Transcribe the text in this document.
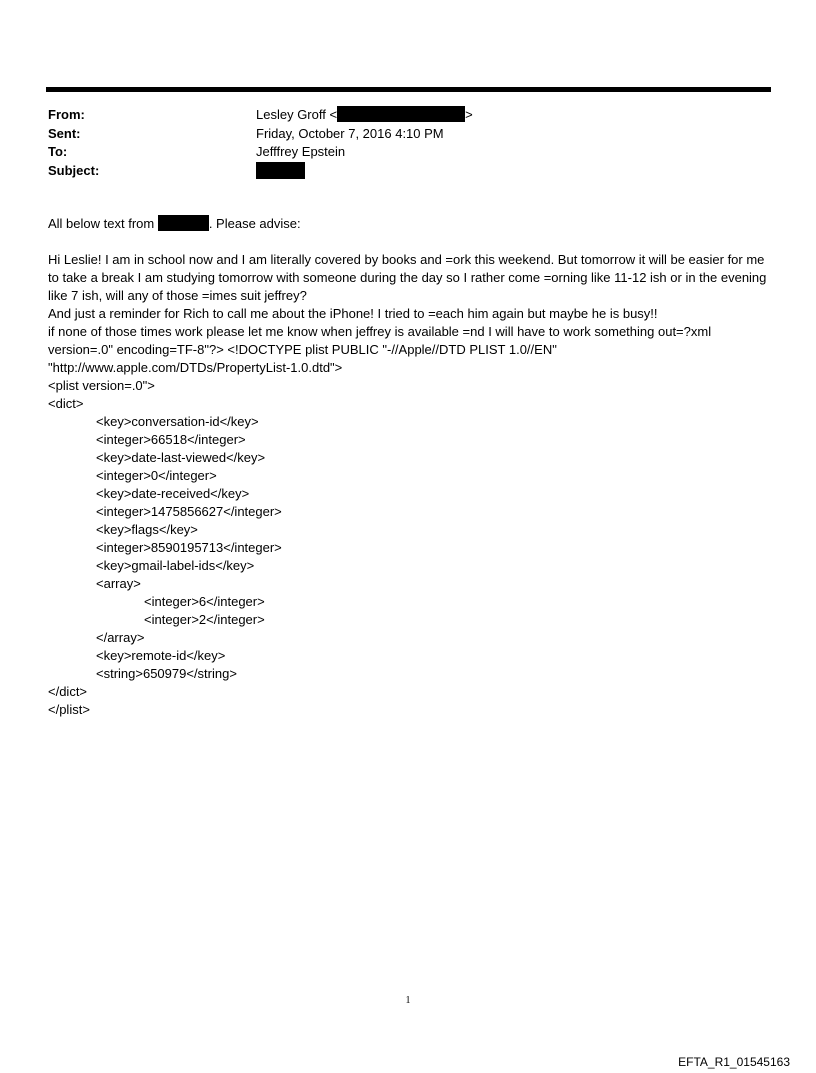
From:	Lesley Groff <	>
Sent:	Friday, October 7, 2016 4:10 PM
To:	Jefffrey Epstein
Subject:
All below text from	. Please advise:

Hi Leslie! I am in school now and I am literally covered by books and =ork this weekend. But tomorrow it will be easier for me to take a break I am studying tomorrow with someone during the day so I rather come =orning like 11-12 ish or in the evening like 7 ish, will any of those =imes suit jeffrey?

And just a reminder for Rich to call me about the iPhone! I tried to =each him again but maybe he is busy!!

if none of those times work please let me know when jeffrey is available =nd I will have to work something out=?xml version=.0" encoding=TF-8"?> <!DOCTYPE plist PUBLIC "-//Apple//DTD PLIST 1.0//EN" "http://www.apple.com/DTDs/PropertyList-1.0.dtd">

<plist version=.0">
<dict>
<key>conversation-id</key>
<integer>66518</integer>
<key>date-last-viewed</key>
<integer>0</integer>
<key>date-received</key>
<integer>1475856627</integer>
<key>flags</key>
<integer>8590195713</integer>
<key>gmail-label-ids</key>
<array>
<integer>6</integer>
<integer>2</integer>
</array>
<key>remote-id</key>
<string>650979</string>
</dict>
</plist>
1
EFTA_R1_01545163
